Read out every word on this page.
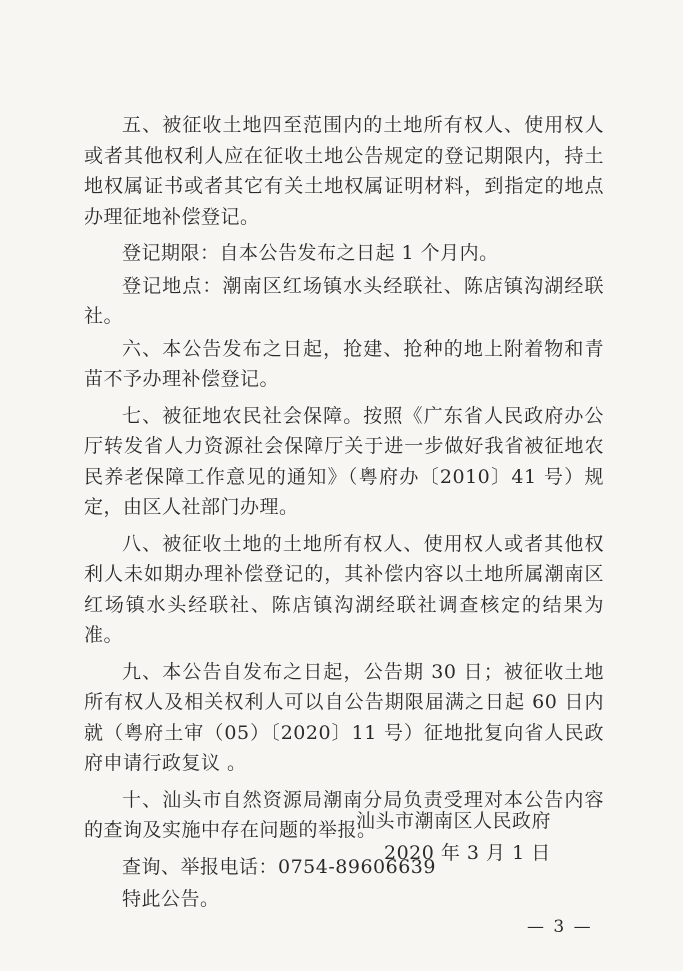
五、被征收土地四至范围内的土地所有权人、使用权人或者其他权利人应在征收土地公告规定的登记期限内，持土地权属证书或者其它有关土地权属证明材料，到指定的地点办理征地补偿登记。

登记期限：自本公告发布之日起 1 个月内。

登记地点：潮南区红场镇水头经联社、陈店镇沟湖经联社。

六、本公告发布之日起，抢建、抢种的地上附着物和青苗不予办理补偿登记。

七、被征地农民社会保障。按照《广东省人民政府办公厅转发省人力资源社会保障厅关于进一步做好我省被征地农民养老保障工作意见的通知》（粤府办〔2010〕41 号）规定，由区人社部门办理。

八、被征收土地的土地所有权人、使用权人或者其他权利人未如期办理补偿登记的，其补偿内容以土地所属潮南区红场镇水头经联社、陈店镇沟湖经联社调查核定的结果为准。

九、本公告自发布之日起，公告期 30 日；被征收土地所有权人及相关权利人可以自公告期限届满之日起 60 日内就（粤府土审（05）〔2020〕11 号）征地批复向省人民政府申请行政复议 。

十、汕头市自然资源局潮南分局负责受理对本公告内容的查询及实施中存在问题的举报。

查询、举报电话：0754-89606639

特此公告。

汕头市潮南区人民政府
2020 年 3 月 1 日
— 3 —
